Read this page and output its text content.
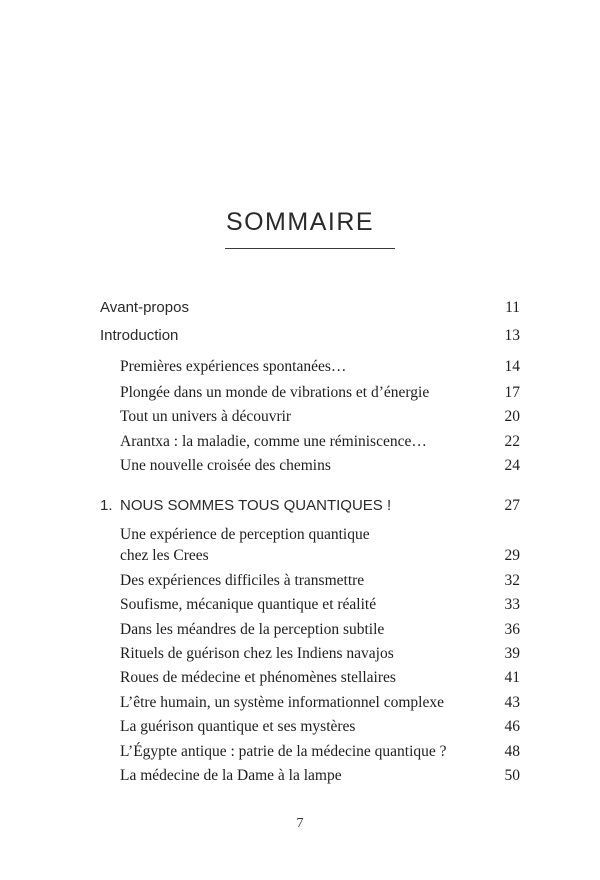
SOMMAIRE
Avant-propos	11
Introduction	13
Premières expériences spontanées…	14
Plongée dans un monde de vibrations et d’énergie	17
Tout un univers à découvrir	20
Arantxa : la maladie, comme une réminiscence…	22
Une nouvelle croisée des chemins	24
1. NOUS SOMMES TOUS QUANTIQUES !	27
Une expérience de perception quantique
chez les Crees	29
Des expériences difficiles à transmettre	32
Soufisme, mécanique quantique et réalité	33
Dans les méandres de la perception subtile	36
Rituels de guérison chez les Indiens navajos	39
Roues de médecine et phénomènes stellaires	41
L’être humain, un système informationnel complexe	43
La guérison quantique et ses mystères	46
L’Égypte antique : patrie de la médecine quantique ?	48
La médecine de la Dame à la lampe	50
7
